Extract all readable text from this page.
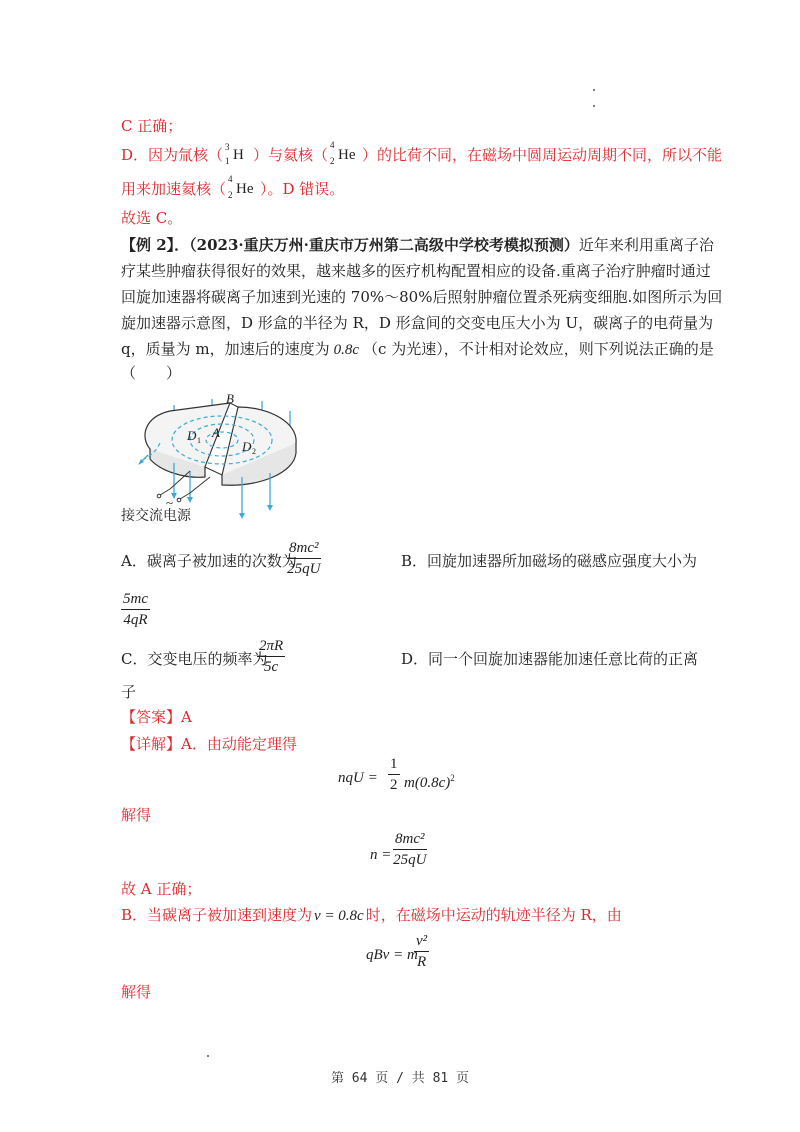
C 正确；
D．因为氚核（ 3
1 H ）与氦核（
4
2 He ）的比荷不同，在磁场中圆周运动周期不同，所以不能
用来加速氦核（
4
2 He ）。D 错误。
故选 C。
【例 2】．（2023·重庆万州·重庆市万州第二高级中学校考模拟预测）近年来利用重离子治
疗某些肿瘤获得很好的效果，越来越多的医疗机构配置相应的设备.重离子治疗肿瘤时通过
回旋加速器将碳离子加速到光速的 70%～80%后照射肿瘤位置杀死病变细胞.如图所示为回
旋加速器示意图，D 形盒的半径为 R，D 形盒间的交变电压大小为 U，碳离子的电荷量为
q，质量为 m，加速后的速度为 0.8c （c 为光速），不计相对论效应，则下列说法正确的是
（　　）
B
D 1
A
D 2
~
接交流电源
A．碳离子被加速的次数为
8mc²
25qU	B．回旋加速器所加磁场的磁感应强度大小为
5mc
4qR
C．交变电压的频率为
2πR
5c	D．同一个回旋加速器能加速任意比荷的正离
子
【答案】A
【详解】A．由动能定理得
nqU =
1
2 $m(0.8c)^2$
解得
n =
8mc²
25qU
故 A 正确；
B．当碳离子被加速到速度为 v = 0.8c 时，在磁场中运动的轨迹半径为 R，由
qBv = m
v²
R
解得
第 64 页 / 共 81 页
